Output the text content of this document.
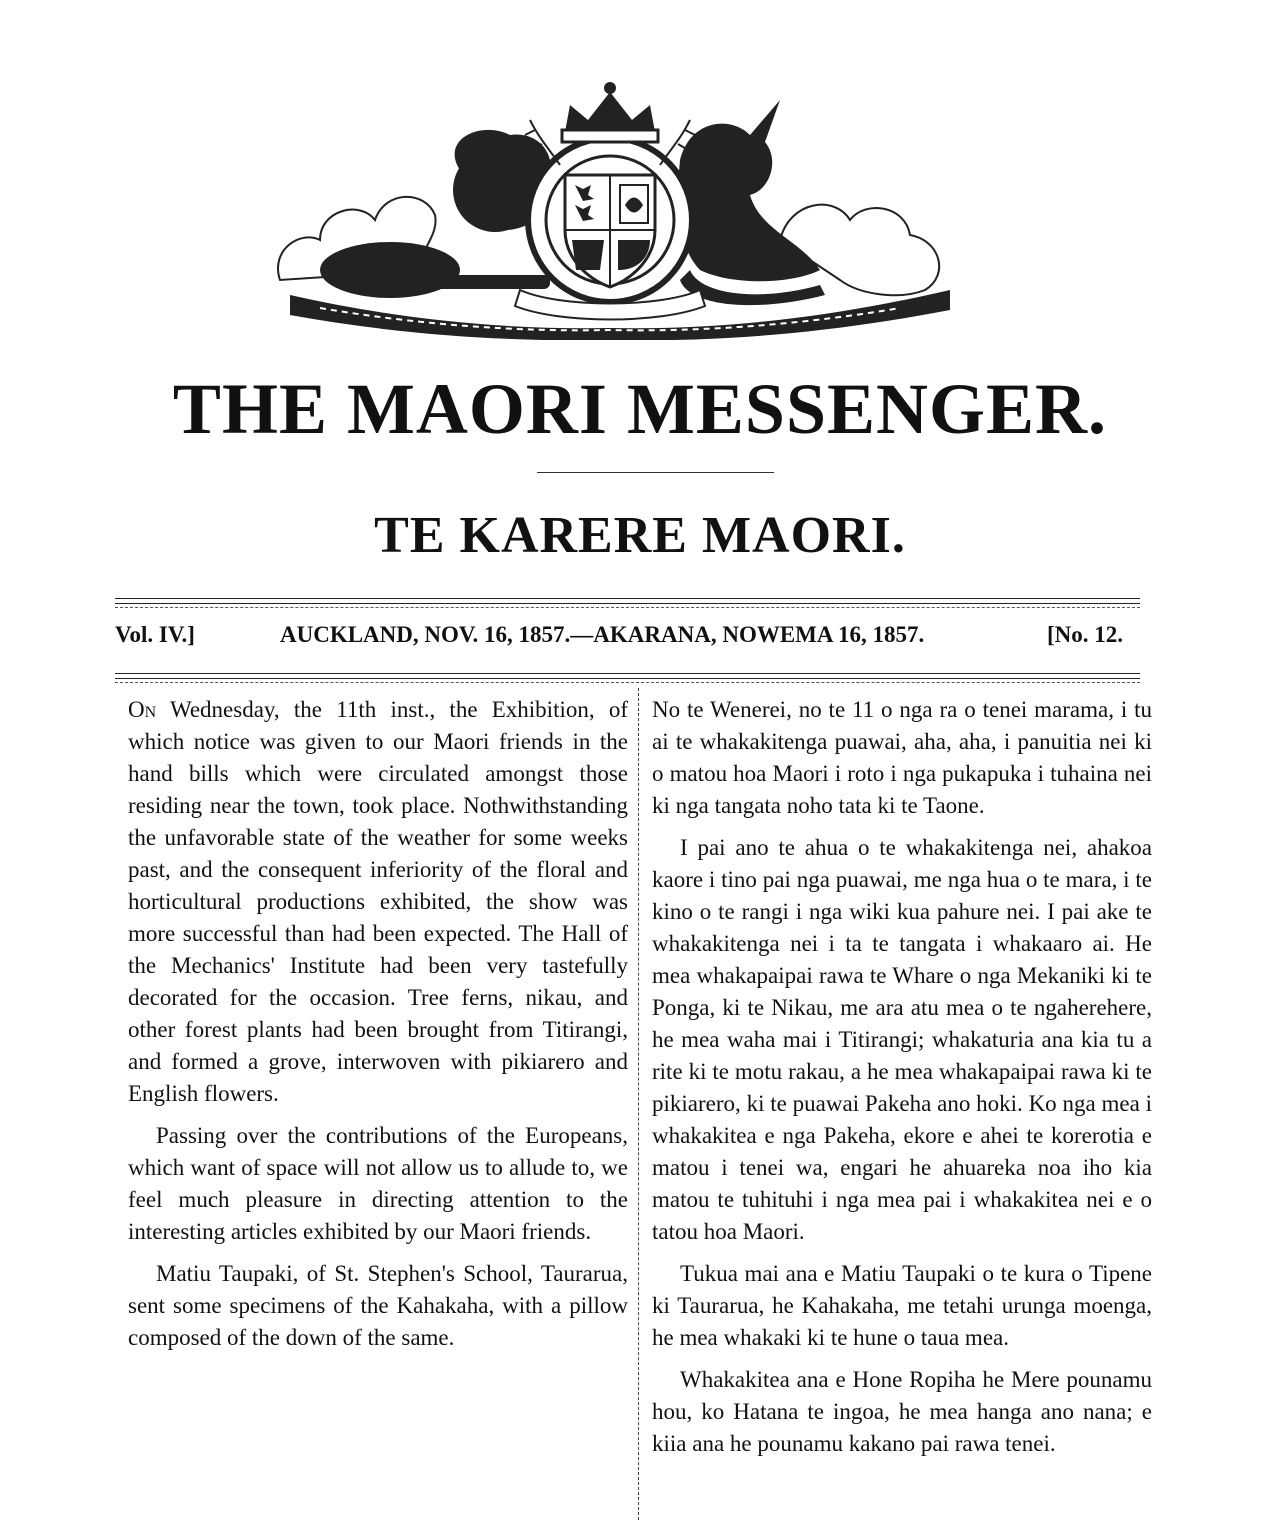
THE MAORI MESSENGER.
TE KARERE MAORI.
Vol. IV.]	AUCKLAND, NOV. 16, 1857.—AKARANA, NOWEMA 16, 1857.	[No. 12.

On Wednesday, the 11th inst., the Exhibition, of which notice was given to our Maori friends in the hand bills which were circulated amongst those residing near the town, took place. Nothwithstanding the unfavorable state of the weather for some weeks past, and the consequent inferiority of the floral and horticultural productions exhibited, the show was more successful than had been expected. The Hall of the Mechanics' Institute had been very tastefully decorated for the occasion. Tree ferns, nikau, and other forest plants had been brought from Titirangi, and formed a grove, interwoven with pikiarero and English flowers.

Passing over the contributions of the Europeans, which want of space will not allow us to allude to, we feel much pleasure in directing attention to the interesting articles exhibited by our Maori friends.

Matiu Taupaki, of St. Stephen's School, Taurarua, sent some specimens of the Kahakaha, with a pillow composed of the down of the same.

No te Wenerei, no te 11 o nga ra o tenei marama, i tu ai te whakakitenga puawai, aha, aha, i panuitia nei ki o matou hoa Maori i roto i nga pukapuka i tuhaina nei ki nga tangata noho tata ki te Taone.

I pai ano te ahua o te whakakitenga nei, ahakoa kaore i tino pai nga puawai, me nga hua o te mara, i te kino o te rangi i nga wiki kua pahure nei. I pai ake te whakakitenga nei i ta te tangata i whakaaro ai. He mea whakapaipai rawa te Whare o nga Mekaniki ki te Ponga, ki te Nikau, me ara atu mea o te ngaherehere, he mea waha mai i Titirangi; whakaturia ana kia tu a rite ki te motu rakau, a he mea whakapaipai rawa ki te pikiarero, ki te puawai Pakeha ano hoki. Ko nga mea i whakakitea e nga Pakeha, ekore e ahei te korerotia e matou i tenei wa, engari he ahuareka noa iho kia matou te tuhituhi i nga mea pai i whakakitea nei e o tatou hoa Maori.

Tukua mai ana e Matiu Taupaki o te kura o Tipene ki Taurarua, he Kahakaha, me tetahi urunga moenga, he mea whakaki ki te hune o taua mea.

Whakakitea ana e Hone Ropiha he Mere pounamu hou, ko Hatana te ingoa, he mea hanga ano nana; e kiia ana he pounamu kakano pai rawa tenei.
